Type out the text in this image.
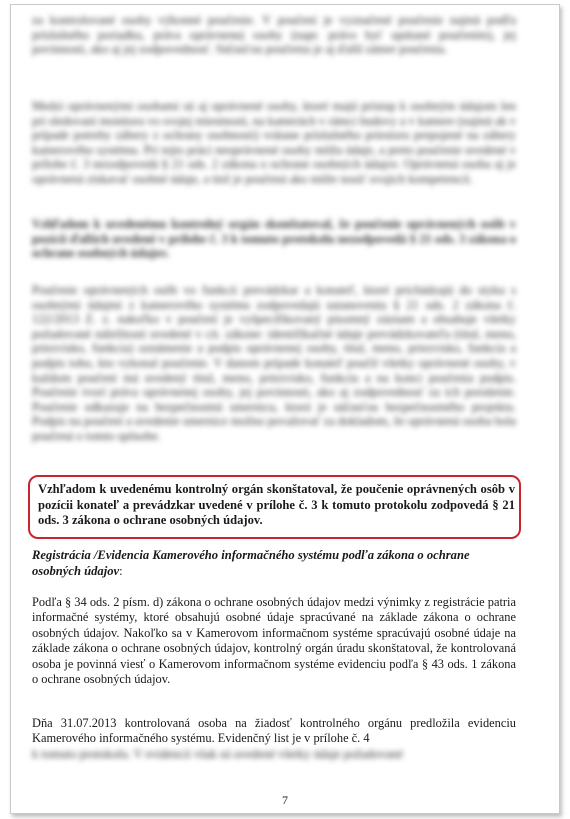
za kontrolované osoby výkonné poučenie. V poučení je vyznačené poučenie najmä podľa príslušného poriadku, práva oprávnenej osoby (napr. právo byť upútané poučením), jej povinnosti, ako aj jej zodpovednosť. Súčasťou poučenia je aj ďalší zámer poučenia.

Medzi oprávnenými osobami sú aj oprávnené osoby, ktoré majú prístup k osobným údajom len pri sledovaní monitora vo svojej miestnosti, na kamerách v rámci budovy a v kamere (najmä ak v prípade potreby zábery z ochrany osobnosti) vrátane príslušného priestoru prepojené na zábery kamerového systému. Pri tejto práci neoprávnené osoby môžu údaje, a preto poučenie uvedené v prílohe č. 3 nezodpovedá § 21 ods. 2 zákona o ochrane osobných údajov. Oprávnená osoba aj je oprávnená získavať osobné údaje, a tiež je poučená ako môže nosiť svojich kompetencií.

Vzhľadom k uvedenému kontrolný orgán skonštatoval, že poučenie oprávnených osôb v pozícii ďalších uvedené v prílohe č. 3 k tomuto protokolu nezodpovedá § 21 ods. 3 zákona o ochrane osobných údajov.

Poučenie oprávnených osôb vo funkcii prevádzkar a konateľ, ktoré prichádzajú do styku s osobnými údajmi z kamerového systému zodpovedajú ustanoveniu § 21 ods. 2 zákona č. 122/2013 Z. z. nakoľko v poučení je vyšpecifikovaný písomný záznam a obsahuje všetky požadované náležitosti uvedené v cit. zákone: identifikačné údaje prevádzkovateľa (titul, meno, priezvisko, funkcia) oznámenie a podpis oprávnenej osoby, titul, meno, priezvisko, funkcia a podpis toho, kto vykonal poučenie. V danom prípade konateľ poučil všetky oprávnené osoby, v každom poučení má uvedený titul, meno, priezvisko, funkciu a na konci poučenia podpis. Poučenie tvorí práva oprávnenej osoby, jej povinnosti, ako aj zodpovednosť za ich porušenie. Poučenie odkazuje na bezpečnostnú smernicu, ktorá je súčasťou bezpečnostného projektu. Podpis na poučení a uvedenie smernice možno považovať za dokladom, že oprávnená osoba bola poučená o tomto spôsobe.

Vzhľadom k uvedenému kontrolný orgán skonštatoval, že poučenie oprávnených osôb v pozícii konateľ a prevádzkar uvedené v prílohe č. 3 k tomuto protokolu zodpovedá § 21 ods. 3 zákona o ochrane osobných údajov.

Registrácia /Evidencia Kamerového informačného systému podľa zákona o ochrane osobných údajov:

Podľa § 34 ods. 2 písm. d) zákona o ochrane osobných údajov medzi výnimky z registrácie patria informačné systémy, ktoré obsahujú osobné údaje spracúvané na základe zákona o ochrane osobných údajov. Nakoľko sa v Kamerovom informačnom systéme spracúvajú osobné údaje na základe zákona o ochrane osobných údajov, kontrolný orgán úradu skonštatoval, že kontrolovaná osoba je povinná viesť o Kamerovom informačnom systéme evidenciu podľa § 43 ods. 1 zákona o ochrane osobných údajov.

Dňa 31.07.2013 kontrolovaná osoba na žiadosť kontrolného orgánu predložila evidenciu Kamerového informačného systému. Evidenčný list je v prílohe č. 4

k tomuto protokolu. V evidencii však sú uvedené všetky údaje požadované

7
